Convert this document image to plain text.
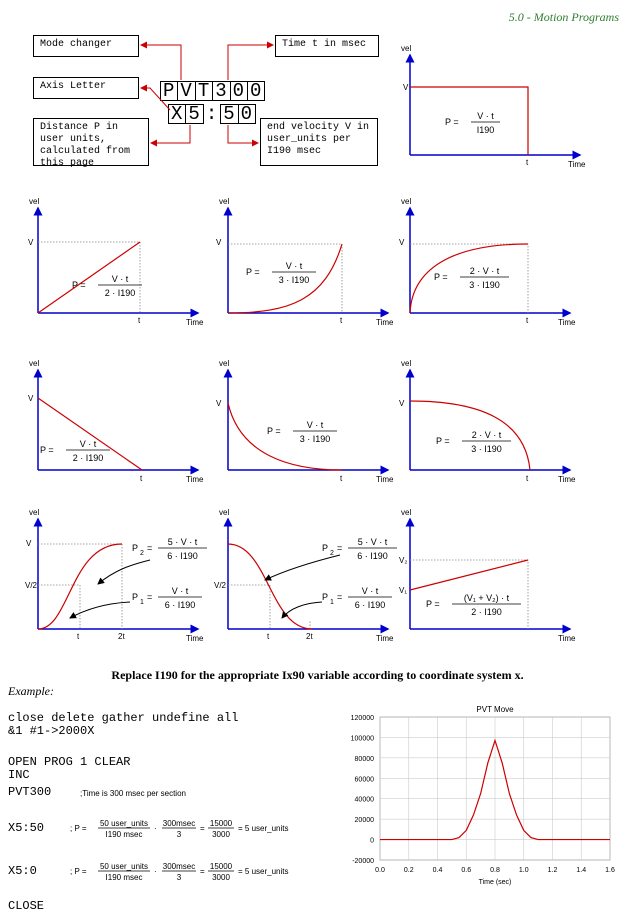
5.0 - Motion Programs
Mode changer	Time t in msec
Axis Letter
Distance P in user units, calculated from this page
end velocity V in user_units per I190 msec
P V T 3 0 0
X 5 : 5 0
vel
Time
V
t
P =
V · t
I190
vel
Time
V
t
P =
V · t
2 · I190
vel
Time
V
t
P =
V · t
3 · I190
vel
Time
V
t
P =
2 · V · t
3 · I190
vel
Time
V
t
P =
V · t
2 · I190
vel
Time
V
t
P =
V · t
3 · I190
vel
Time
V
t
P =
2 · V · t
3 · I190
vel
Time
V
V/2
t	2t
P
2
=
5 · V · t
6 · I190
P
1
=
V · t
6 · I190
vel
Time
V/2
t	2t
P
2
=
5 · V · t
6 · I190
P
1
=
V · t
6 · I190
vel
Time
V₂
V₁
P =
(V₁ + V₂) · t
2 · I190
Replace I190 for the appropriate Ix90 variable according to coordinate system x.
Example:
close delete gather undefine all
&1 #1->2000X
OPEN PROG 1 CLEAR
INC
PVT300	;Time is 300 msec per section
X5:50
X5:0
CLOSE
; P =
50 user_units
I190 msec
·
300msec
3
=
15000
3000
= 5 user_units
; P =
50 user_units
I190 msec
·
300msec
3
=
15000
3000
= 5 user_units
PVT Move
0.0	0.2	0.4	0.6	0.8	1.0	1.2	1.4	1.6
120000
100000
80000
60000
40000
20000
0
-20000
Time (sec)
